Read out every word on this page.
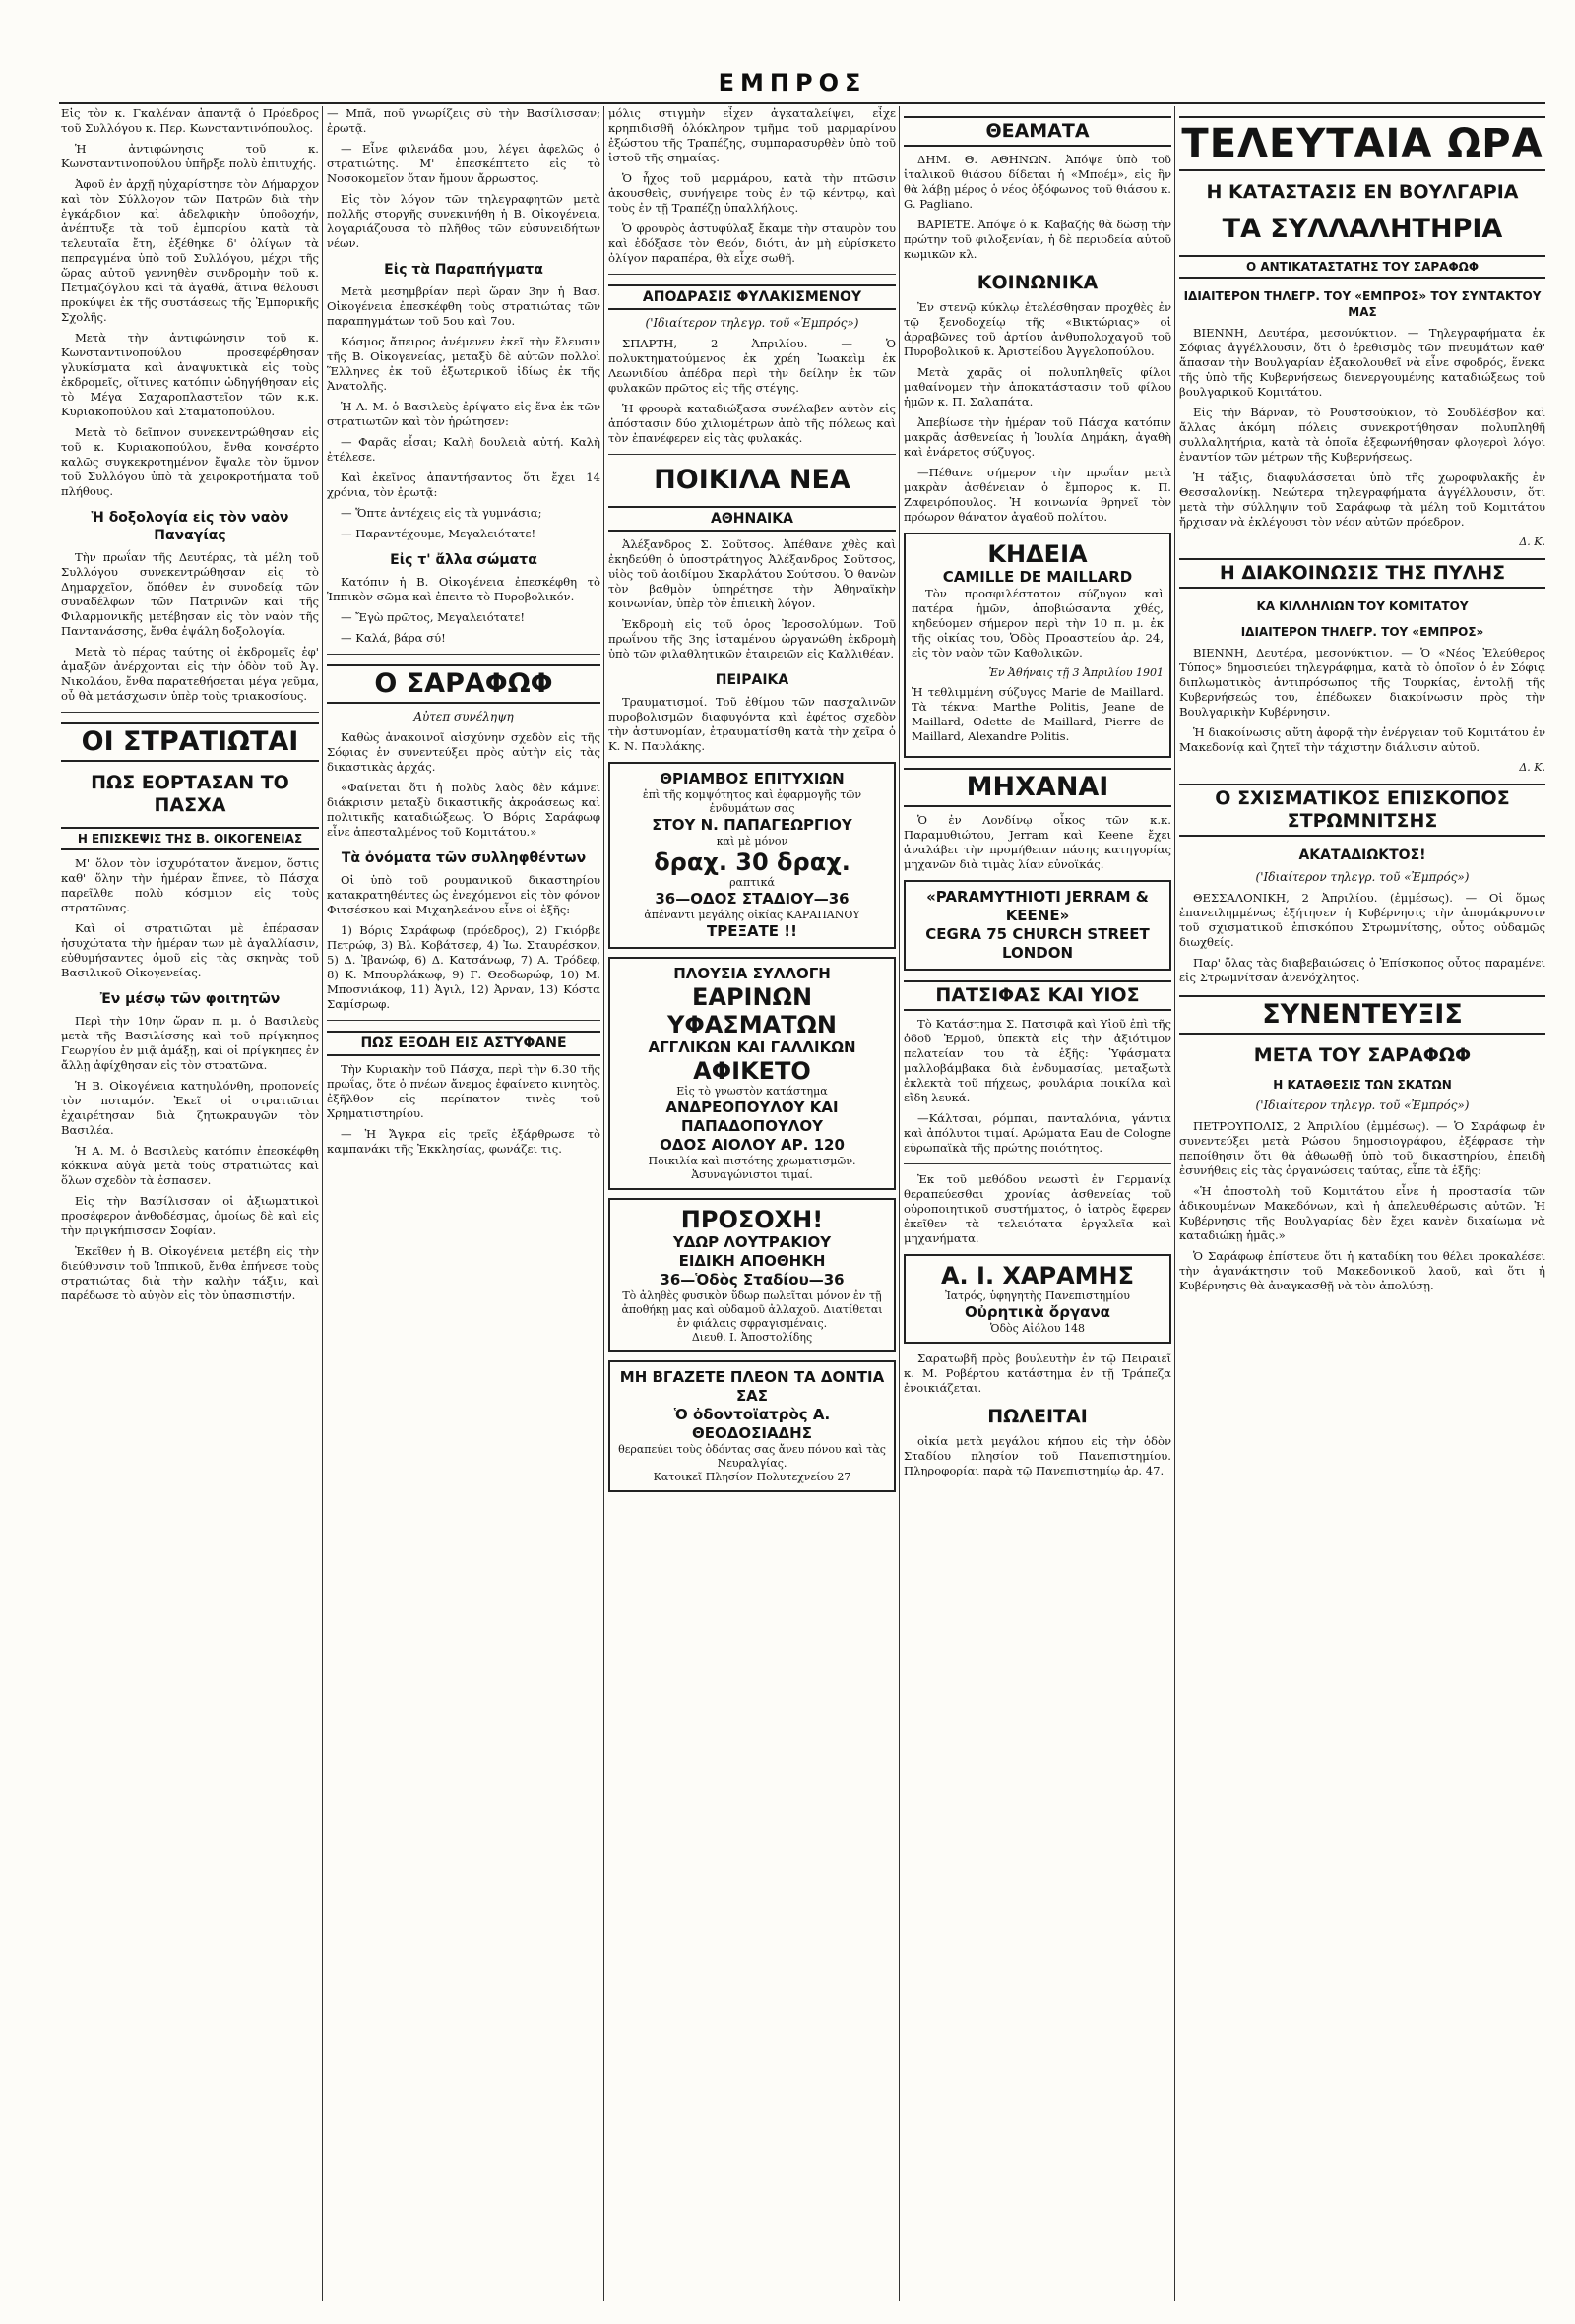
ΕΜΠΡΟΣ

Εἰς τὸν κ. Γκαλέναν ἀπαντᾷ ὁ Πρόεδρος τοῦ Συλλόγου κ. Περ. Κωνσταντινόπουλος.

Ἡ ἀντιφώνησις τοῦ κ. Κωνσταντινοπούλου ὑπῆρξε πολὺ ἐπιτυχής.

Ἀφοῦ ἐν ἀρχῇ ηὐχαρίστησε τὸν Δήμαρχον καὶ τὸν Σύλλογον τῶν Πατρῶν διὰ τὴν ἐγκάρδιον καὶ ἀδελφικὴν ὑποδοχήν, ἀνέπτυξε τὰ τοῦ ἐμπορίου κατὰ τὰ τελευταῖα ἔτη, ἐξέθηκε δ' ὀλίγων τὰ πεπραγμένα ὑπὸ τοῦ Συλλόγου, μέχρι τῆς ὥρας αὐτοῦ γεννηθὲν συνδρομὴν τοῦ κ. Πετμαζόγλου καὶ τὰ ἀγαθά, ἅτινα θέλουσι προκύψει ἐκ τῆς συστάσεως τῆς Ἐμπορικῆς Σχολῆς.

Μετὰ τὴν ἀντιφώνησιν τοῦ κ. Κωνσταντινοπούλου προσεφέρθησαν γλυκίσματα καὶ ἀναψυκτικὰ εἰς τοὺς ἐκδρομεῖς, οἵτινες κατόπιν ὡδηγήθησαν εἰς τὸ Μέγα Σαχαροπλαστεῖον τῶν κ.κ. Κυριακοπούλου καὶ Σταματοπούλου.

Μετὰ τὸ δεῖπνον συνεκεντρώθησαν εἰς τοῦ κ. Κυριακοπούλου, ἔνθα κονσέρτο καλῶς συγκεκροτημένον ἔψαλε τὸν ὕμνον τοῦ Συλλόγου ὑπὸ τὰ χειροκροτήματα τοῦ πλήθους.

Ἡ δοξολογία εἰς τὸν ναὸν Παναγίας

Τὴν πρωΐαν τῆς Δευτέρας, τὰ μέλη τοῦ Συλλόγου συνεκεντρώθησαν εἰς τὸ Δημαρχεῖον, ὅπόθεν ἐν συνοδείᾳ τῶν συναδέλφων τῶν Πατρινῶν καὶ τῆς Φιλαρμονικῆς μετέβησαν εἰς τὸν ναὸν τῆς Παντανάσσης, ἔνθα ἐψάλη δοξολογία.

Μετὰ τὸ πέρας ταύτης οἱ ἐκδρομεῖς ἐφ' ἁμαξῶν ἀνέρχονται εἰς τὴν ὁδὸν τοῦ Ἀγ. Νικολάου, ἔνθα παρατεθήσεται μέγα γεῦμα, οὗ θὰ μετάσχωσιν ὑπὲρ τοὺς τριακοσίους.

ΟΙ ΣΤΡΑΤΙΩΤΑΙ
ΠΩΣ ΕΟΡΤΑΣΑΝ ΤΟ ΠΑΣΧΑ
Η ΕΠΙΣΚΕΨΙΣ ΤΗΣ Β. ΟΙΚΟΓΕΝΕΙΑΣ

Μ' ὅλον τὸν ἰσχυρότατον ἄνεμον, ὅστις καθ' ὅλην τὴν ἡμέραν ἔπνεε, τὸ Πάσχα παρεῖλθε πολὺ κόσμιον εἰς τοὺς στρατῶνας.

Καὶ οἱ στρατιῶται μὲ ἐπέρασαν ἡσυχώτατα τὴν ἡμέραν των μὲ ἀγαλλίασιν, εὐθυμήσαντες ὁμοῦ εἰς τὰς σκηνὰς τοῦ Βασιλικοῦ Οἰκογενείας.

Ἐν μέσῳ τῶν φοιτητῶν

Περὶ τὴν 10ην ὥραν π. μ. ὁ Βασιλεὺς μετὰ τῆς Βασιλίσσης καὶ τοῦ πρίγκηπος Γεωργίου ἐν μιᾷ ἁμάξῃ, καὶ οἱ πρίγκηπες ἐν ἄλλῃ ἀφίχθησαν εἰς τὸν στρατῶνα.

Ἡ Β. Οἰκογένεια κατηυλόνθη, προπονείς τὸν ποταμόν. Ἐκεῖ οἱ στρατιῶται ἐχαιρέτησαν διὰ ζητωκραυγῶν τὸν Βασιλέα.

Ἡ Α. Μ. ὁ Βασιλεὺς κατόπιν ἐπεσκέφθη κόκκινα αὐγὰ μετὰ τοὺς στρατιώτας καὶ ὅλων σχεδὸν τὰ ἐσπασεν.

Εἰς τὴν Βασίλισσαν οἱ ἀξιωματικοὶ προσέφερον ἀνθοδέσμας, ὁμοίως δὲ καὶ εἰς τὴν πριγκήπισσαν Σοφίαν.

Ἐκεῖθεν ἡ Β. Οἰκογένεια μετέβη εἰς τὴν διεύθυνσιν τοῦ Ἱππικοῦ, ἔνθα ἐπήνεσε τοὺς στρατιώτας διὰ τὴν καλὴν τάξιν, καὶ παρέδωσε τὸ αὐγὸν εἰς τὸν ὑπασπιστήν.

— Μπᾶ, ποῦ γνωρίζεις σὺ τὴν Βασίλισσαν; ἐρωτᾷ.

— Εἶνε φιλενάδα μου, λέγει ἀφελῶς ὁ στρατιώτης. Μ' ἐπεσκέπτετο εἰς τὸ Νοσοκομεῖον ὅταν ἤμουν ἄρρωστος.

Εἰς τὸν λόγον τῶν τηλεγραφητῶν μετὰ πολλῆς στοργῆς συνεκινήθη ἡ Β. Οἰκογένεια, λογαριάζουσα τὸ πλῆθος τῶν εὐσυνειδήτων νέων.

Εἰς τὰ Παραπήγματα

Μετὰ μεσημβρίαν περὶ ὥραν 3ην ἡ Βασ. Οἰκογένεια ἐπεσκέφθη τοὺς στρατιώτας τῶν παραπηγμάτων τοῦ 5ου καὶ 7ου.

Κόσμος ἄπειρος ἀνέμενεν ἐκεῖ τὴν ἔλευσιν τῆς Β. Οἰκογενείας, μεταξὺ δὲ αὐτῶν πολλοὶ Ἕλληνες ἐκ τοῦ ἐξωτερικοῦ ἰδίως ἐκ τῆς Ἀνατολῆς.

Ἡ Α. Μ. ὁ Βασιλεὺς ἐρίψατο εἰς ἕνα ἐκ τῶν στρατιωτῶν καὶ τὸν ἠρώτησεν:

— Φαρᾶς εἶσαι; Καλὴ δουλειὰ αὐτή. Καλὴ ἐτέλεσε.

Καὶ ἐκεῖνος ἀπαντήσαντος ὅτι ἔχει 14 χρόνια, τὸν ἐρωτᾷ:

— Ὅπτε ἀντέχεις εἰς τὰ γυμνάσια;

— Παραντέχουμε, Μεγαλειότατε!

Εἰς τ' ἄλλα σώματα

Κατόπιν ἡ Β. Οἰκογένεια ἐπεσκέφθη τὸ Ἱππικὸν σῶμα καὶ ἐπειτα τὸ Πυροβολικόν.

— Ἔγὼ πρῶτος, Μεγαλειότατε!

— Καλά, βάρα σύ!

Ο ΣΑΡΑΦΩΦ
Αὐτεπ συνέληψη

Καθὼς ἀνακοινοῖ αἰσχύνην σχεδὸν εἰς τῆς Σόφιας ἐν συνεντεύξει πρὸς αὐτὴν εἰς τὰς δικαστικὰς ἀρχάς.

«Φαίνεται ὅτι ἡ πολὺς λαὸς δὲν κάμνει διάκρισιν μεταξὺ δικαστικῆς ἀκροάσεως καὶ πολιτικῆς καταδιώξεως. Ὁ Βόρις Σαράφωφ εἶνε ἀπεσταλμένος τοῦ Κομιτάτου.»

Τὰ ὀνόματα τῶν συλληφθέντων

Οἱ ὑπὸ τοῦ ρουμανικοῦ δικαστηρίου κατακρατηθέντες ὡς ἐνεχόμενοι εἰς τὸν φόνον Φιτσέσκου καὶ Μιχαηλεάνου εἶνε οἱ ἑξῆς:

1) Βόρις Σαράφωφ (πρόεδρος), 2) Γκιόρβε Πετρώφ, 3) Βλ. Κοβάτσεφ, 4) Ἰω. Σταυρέσκον, 5) Δ. Ἰβανώφ, 6) Δ. Κατσάνωφ, 7) Α. Τρόδεφ, 8) Κ. Μπουρλάκωφ, 9) Γ. Θεοδωρώφ, 10) Μ. Μποσνιάκοφ, 11) Ἀγιλ, 12) Ἀρναν, 13) Κόστα Σαμίσρωφ.

ΠΩΣ ΕΞΟΔΗ ΕΙΣ ΑΣΤΥΦΑΝΕ

Τὴν Κυριακὴν τοῦ Πάσχα, περὶ τὴν 6.30 τῆς πρωΐας, ὅτε ὁ πνέων ἄνεμος ἐφαίνετο κινητὸς, ἐξῆλθον εἰς περίπατον τινὲς τοῦ Χρηματιστηρίου.

— Ἡ Ἄγκρα εἰς τρεῖς ἐξάρθρωσε τὸ καμπανάκι τῆς Ἐκκλησίας, φωνάζει τις.

μόλις στιγμὴν εἶχεν ἀγκαταλείψει, εἶχε κρηπιδισθῆ ὁλόκληρον τμῆμα τοῦ μαρμαρίνου ἐξώστου τῆς Τραπέζης, συμπαρασυρθὲν ὑπὸ τοῦ ἱστοῦ τῆς σημαίας.

Ὁ ἦχος τοῦ μαρμάρου, κατὰ τὴν πτῶσιν ἀκουσθεὶς, συνήγειρε τοὺς ἐν τῷ κέντρῳ, καὶ τοὺς ἐν τῇ Τραπέζῃ ὑπαλλήλους.

Ὁ φρουρὸς ἀστυφύλαξ ἔκαμε τὴν σταυρὸν του καὶ ἐδόξασε τὸν Θεόν, διότι, ἀν μὴ εὑρίσκετο ὀλίγον παραπέρα, θὰ εἶχε σωθῆ.

ΑΠΟΔΡΑΣΙΣ ΦΥΛΑΚΙΣΜΕΝΟΥ
('Ιδιαίτερον τηλεγρ. τοῦ «Ἐμπρός»)

ΣΠΑΡΤΗ, 2 Ἀπριλίου. — Ὁ πολυκτηματούμενος ἐκ χρέη Ἰωακεὶμ ἐκ Λεωνιδίου ἀπέδρα περὶ τὴν δείλην ἐκ τῶν φυλακῶν πρῶτος εἰς τῆς στέγης.

Ἡ φρουρὰ καταδιώξασα συνέλαβεν αὐτὸν εἰς ἀπόστασιν δύο χιλιομέτρων ἀπὸ τῆς πόλεως καὶ τὸν ἐπανέφερεν εἰς τὰς φυλακάς.

ΠΟΙΚΙΛΑ ΝΕΑ
ΑΘΗΝΑΙΚΑ

Ἀλέξανδρος Σ. Σοῦτσος. Ἀπέθανε χθὲς καὶ ἐκηδεύθη ὁ ὑποστράτηγος Ἀλέξανδρος Σοῦτσος, υἱὸς τοῦ ἀοιδίμου Σκαρλάτου Σούτσου. Ὁ θανὼν τὸν βαθμὸν ὑπηρέτησε τὴν Ἀθηναϊκὴν κοινωνίαν, ὑπὲρ τὸν ἐπιεικὴ λόγον.

Ἐκδρομὴ εἰς τοῦ ὁρος Ἰεροσολύμων. Τοῦ πρωΐνου τῆς 3ης ἰσταμένου ὡργανώθη ἐκδρομὴ ὑπὸ τῶν φιλαθλητικῶν ἐταιρειῶν εἰς Καλλιθέαν.

ΠΕΙΡΑΙΚΑ

Τραυματισμοί. Τοῦ ἐθίμου τῶν πασχαλινῶν πυροβολισμῶν διαφυγόντα καὶ ἐφέτος σχεδὸν τὴν ἀστυνομίαν, ἐτραυματίσθη κατὰ τὴν χεῖρα ὁ Κ. Ν. Παυλάκης.

ΘΡΙΑΜΒΟΣ ΕΠΙΤΥΧΙΩΝ
ἐπὶ τῆς κομψότητος καὶ ἐφαρμογῆς τῶν ἐνδυμάτων σας
ΣΤΟΥ Ν. ΠΑΠΑΓΕΩΡΓΙΟΥ
καὶ μὲ μόνον
δραχ. 30 δραχ.
ραπτικά
36—ΟΔΟΣ ΣΤΑΔΙΟΥ—36
ἀπέναντι μεγάλης οἰκίας ΚΑΡΑΠΑΝΟΥ
ΤΡΕΞΑΤΕ !!
ΠΛΟΥΣΙΑ ΣΥΛΛΟΓΗ
ΕΑΡΙΝΩΝ ΥΦΑΣΜΑΤΩΝ
ΑΓΓΛΙΚΩΝ ΚΑΙ ΓΑΛΛΙΚΩΝ
ΑΦΙΚΕΤΟ
Εἰς τὸ γνωστὸν κατάστημα
ΑΝΔΡΕΟΠΟΥΛΟΥ ΚΑΙ ΠΑΠΑΔΟΠΟΥΛΟΥ
ΟΔΟΣ ΑΙΟΛΟΥ ΑΡ. 120
Ποικιλία καὶ πιστότης χρωματισμῶν. Ἀσυναγώνιστοι τιμαί.
ΠΡΟΣΟΧΗ!
ΥΔΩΡ ΛΟΥΤΡΑΚΙΟΥ
ΕΙΔΙΚΗ ΑΠΟΘΗΚΗ
36—Ὁδὸς Σταδίου—36
Τὸ ἀληθὲς φυσικὸν ὕδωρ πωλεῖται μόνον ἐν τῇ ἀποθήκῃ μας καὶ οὐδαμοῦ ἀλλαχοῦ. Διατίθεται ἐν φιάλαις σφραγισμέναις.
Διευθ. Ι. Ἀποστολίδης
ΜΗ ΒΓΑΖΕΤΕ ΠΛΕΟΝ ΤΑ ΔΟΝΤΙΑ ΣΑΣ
Ὁ ὀδοντοϊατρὸς Α. ΘΕΟΔΟΣΙΑΔΗΣ
θεραπεύει τοὺς ὀδόντας σας ἄνευ πόνου καὶ τὰς Νευραλγίας.
Κατοικεῖ Πλησίον Πολυτεχνείου 27
ΘΕΑΜΑΤΑ

ΔΗΜ. Θ. ΑΘΗΝΩΝ. Ἀπόψε ὑπὸ τοῦ ἰταλικοῦ θιάσου δίδεται ἡ «Μποέμ», εἰς ἣν θὰ λάβῃ μέρος ὁ νέος ὀξόφωνος τοῦ θιάσου κ. G. Pagliano.

ΒΑΡΙΕΤΕ. Ἀπόψε ὁ κ. Καβαζής θὰ δώσῃ τὴν πρώτην τοῦ φιλοξενίαν, ἡ δὲ περιοδεία αὐτοῦ κωμικῶν κλ.

ΚΟΙΝΩΝΙΚΑ

Ἐν στενῷ κύκλῳ ἐτελέσθησαν προχθὲς ἐν τῷ ξενοδοχείῳ τῆς «Βικτώριας» οἱ ἀρραβῶνες τοῦ ἀρτίου ἀνθυπολοχαγοῦ τοῦ Πυροβολικοῦ κ. Ἀριστείδου Ἀγγελοπούλου.

Μετὰ χαρᾶς οἱ πολυπληθεῖς φίλοι μαθαίνομεν τὴν ἀποκατάστασιν τοῦ φίλου ἡμῶν κ. Π. Σαλαπάτα.

Ἀπεβίωσε τὴν ἡμέραν τοῦ Πάσχα κατόπιν μακρᾶς ἀσθενείας ἡ Ἰουλία Δημάκη, ἀγαθὴ καὶ ἐνάρετος σύζυγος.

—Πέθανε σήμερον τὴν πρωΐαν μετὰ μακρὰν ἀσθένειαν ὁ ἔμπορος κ. Π. Ζαφειρόπουλος. Ἡ κοινωνία θρηνεῖ τὸν πρόωρον θάνατον ἀγαθοῦ πολίτου.

ΚΗΔΕΙΑ
CAMILLE DE MAILLARD

Τὸν προσφιλέστατον σύζυγον καὶ πατέρα ἡμῶν, ἀποβιώσαντα χθές, κηδεύομεν σήμερον περὶ τὴν 10 π. μ. ἐκ τῆς οἰκίας του, Ὁδὸς Προαστείου ἀρ. 24, εἰς τὸν ναὸν τῶν Καθολικῶν.

Ἐν Ἀθήναις τῇ 3 Ἀπριλίου 1901

Ἡ τεθλιμμένη σύζυγος Marie de Maillard. Τὰ τέκνα: Marthe Politis, Jeane de Maillard, Odette de Maillard, Pierre de Maillard, Alexandre Politis.

ΜΗΧΑΝΑΙ

Ὁ ἐν Λονδίνῳ οἶκος τῶν κ.κ. Παραμυθιώτου, Jerram καὶ Keene ἔχει ἀναλάβει τὴν προμήθειαν πάσης κατηγορίας μηχανῶν διὰ τιμὰς λίαν εὐνοϊκάς.

«PARAMYTHIOTI JERRAM & KEENE»
CEGRA 75 CHURCH STREET LONDON
ΠΑΤΣΙΦΑΣ ΚΑΙ ΥΙΟΣ

Τὸ Κατάστημα Σ. Πατσιφᾶ καὶ Υἱοῦ ἐπὶ τῆς ὁδοῦ Ἑρμοῦ, ὑπεκτὰ εἰς τὴν ἀξιότιμον πελατείαν του τὰ ἑξῆς: Ὑφάσματα μαλλοβάμβακα διὰ ἐνδυμασίας, μεταξωτὰ ἐκλεκτὰ τοῦ πήχεως, φουλάρια ποικίλα καὶ εἴδη λευκά.

—Κάλτσαι, ρόμπαι, πανταλόνια, γάντια καὶ ἀπόλυτοι τιμαί. Αρώματα Eau de Cologne εὐρωπαϊκὰ τῆς πρώτης ποιότητος.

Ἐκ τοῦ μεθόδου νεωστὶ ἐν Γερμανίᾳ θεραπεύεσθαι χρονίας ἀσθενείας τοῦ οὐροποιητικοῦ συστήματος, ὁ ἰατρὸς ἔφερεν ἐκεῖθεν τὰ τελειότατα ἐργαλεῖα καὶ μηχανήματα.

Α. Ι. ΧΑΡΑΜΗΣ
Ἰατρός, ὑφηγητὴς Πανεπιστημίου
Οὐρητικὰ ὄργανα
Ὁδὸς Αἰόλου 148

Σαρατωβῆ πρὸς βουλευτὴν ἐν τῷ Πειραιεῖ κ. Μ. Ροβέρτου κατάστημα ἐν τῇ Τράπεζα ἐνοικιάζεται.

ΠΩΛΕΙΤΑΙ

οἰκία μετὰ μεγάλου κήπου εἰς τὴν ὁδὸν Σταδίου πλησίον τοῦ Πανεπιστημίου. Πληροφορίαι παρὰ τῷ Πανεπιστημίῳ ἀρ. 47.

ΤΕΛΕΥΤΑΙΑ ΩΡΑ
Η ΚΑΤΑΣΤΑΣΙΣ ΕΝ ΒΟΥΛΓΑΡΙΑ
ΤΑ ΣΥΛΛΑΛΗΤΗΡΙΑ
Ο ΑΝΤΙΚΑΤΑΣΤΑΤΗΣ ΤΟΥ ΣΑΡΑΦΩΦ
ΙΔΙΑΙΤΕΡΟΝ ΤΗΛΕΓΡ. ΤΟΥ «ΕΜΠΡΟΣ» ΤΟΥ ΣΥΝΤΑΚΤΟΥ ΜΑΣ

ΒΙΕΝΝΗ, Δευτέρα, μεσονύκτιον. — Τηλεγραφήματα ἐκ Σόφιας ἀγγέλλουσιν, ὅτι ὁ ἐρεθισμὸς τῶν πνευμάτων καθ' ἅπασαν τὴν Βουλγαρίαν ἐξακολουθεῖ νὰ εἶνε σφοδρός, ἕνεκα τῆς ὑπὸ τῆς Κυβερνήσεως διενεργουμένης καταδιώξεως τοῦ βουλγαρικοῦ Κομιτάτου.

Εἰς τὴν Βάρναν, τὸ Ρουστσούκιον, τὸ Σουδλέσβον καὶ ἄλλας ἀκόμη πόλεις συνεκροτήθησαν πολυπληθῆ συλλαλητήρια, κατὰ τὰ ὁποῖα ἐξεφωνήθησαν φλογεροὶ λόγοι ἐναντίον τῶν μέτρων τῆς Κυβερνήσεως.

Ἡ τάξις, διαφυλάσσεται ὑπὸ τῆς χωροφυλακῆς ἐν Θεσσαλονίκῃ. Νεώτερα τηλεγραφήματα ἀγγέλλουσιν, ὅτι μετὰ τὴν σύλληψιν τοῦ Σαράφωφ τὰ μέλη τοῦ Κομιτάτου ἤρχισαν νὰ ἐκλέγουσι τὸν νέον αὐτῶν πρόεδρον.

Δ. Κ.
Η ΔΙΑΚΟΙΝΩΣΙΣ ΤΗΣ ΠΥΛΗΣ
ΚΑ ΚΙΛΛΗΛΙΩΝ ΤΟΥ ΚΟΜΙΤΑΤΟΥ
ΙΔΙΑΙΤΕΡΟΝ ΤΗΛΕΓΡ. ΤΟΥ «ΕΜΠΡΟΣ»

ΒΙΕΝΝΗ, Δευτέρα, μεσονύκτιον. — Ὁ «Νέος Ἐλεύθερος Τύπος» δημοσιεύει τηλεγράφημα, κατὰ τὸ ὁποῖον ὁ ἐν Σόφιᾳ διπλωματικὸς ἀντιπρόσωπος τῆς Τουρκίας, ἐντολῇ τῆς Κυβερνήσεώς του, ἐπέδωκεν διακοίνωσιν πρὸς τὴν Βουλγαρικὴν Κυβέρνησιν.

Ἡ διακοίνωσις αὕτη ἀφορᾷ τὴν ἐνέργειαν τοῦ Κομιτάτου ἐν Μακεδονίᾳ καὶ ζητεῖ τὴν τάχιστην διάλυσιν αὐτοῦ.

Δ. Κ.
Ο ΣΧΙΣΜΑΤΙΚΟΣ ΕΠΙΣΚΟΠΟΣ ΣΤΡΩΜΝΙΤΣΗΣ
ΑΚΑΤΑΔΙΩΚΤΟΣ!
('Ιδιαίτερον τηλεγρ. τοῦ «Ἐμπρός»)

ΘΕΣΣΑΛΟΝΙΚΗ, 2 Ἀπριλίου. (ἐμμέσως). — Οἱ ὅμως ἐπανειλημμένως ἐξήτησεν ἡ Κυβέρνησις τὴν ἀπομάκρυνσιν τοῦ σχισματικοῦ ἐπισκόπου Στρωμνίτσης, οὗτος οὐδαμῶς διωχθείς.

Παρ' ὅλας τὰς διαβεβαιώσεις ὁ Ἐπίσκοπος οὗτος παραμένει εἰς Στρωμνίτσαν ἀνενόχλητος.

ΣΥΝΕΝΤΕΥΞΙΣ
ΜΕΤΑ ΤΟΥ ΣΑΡΑΦΩΦ
Η ΚΑΤΑΘΕΣΙΣ ΤΩΝ ΣΚΑΤΩΝ
('Ιδιαίτερον τηλεγρ. τοῦ «Ἐμπρός»)

ΠΕΤΡΟΥΠΟΛΙΣ, 2 Ἀπριλίου (ἐμμέσως). — Ὁ Σαράφωφ ἐν συνεντεύξει μετὰ Ρώσου δημοσιογράφου, ἐξέφρασε τὴν πεποίθησιν ὅτι θὰ ἀθωωθῇ ὑπὸ τοῦ δικαστηρίου, ἐπειδὴ ἐσυνήθεις εἰς τὰς ὀργανώσεις ταύτας, εἶπε τὰ ἑξῆς:

«Ἡ ἀποστολὴ τοῦ Κομιτάτου εἶνε ἡ προστασία τῶν ἀδικουμένων Μακεδόνων, καὶ ἡ ἀπελευθέρωσις αὐτῶν. Ἡ Κυβέρνησις τῆς Βουλγαρίας δὲν ἔχει κανὲν δικαίωμα νὰ καταδιώκῃ ἡμᾶς.»

Ὁ Σαράφωφ ἐπίστευε ὅτι ἡ καταδίκη του θέλει προκαλέσει τὴν ἀγανάκτησιν τοῦ Μακεδονικοῦ λαοῦ, καὶ ὅτι ἡ Κυβέρνησις θὰ ἀναγκασθῇ νὰ τὸν ἀπολύσῃ.
